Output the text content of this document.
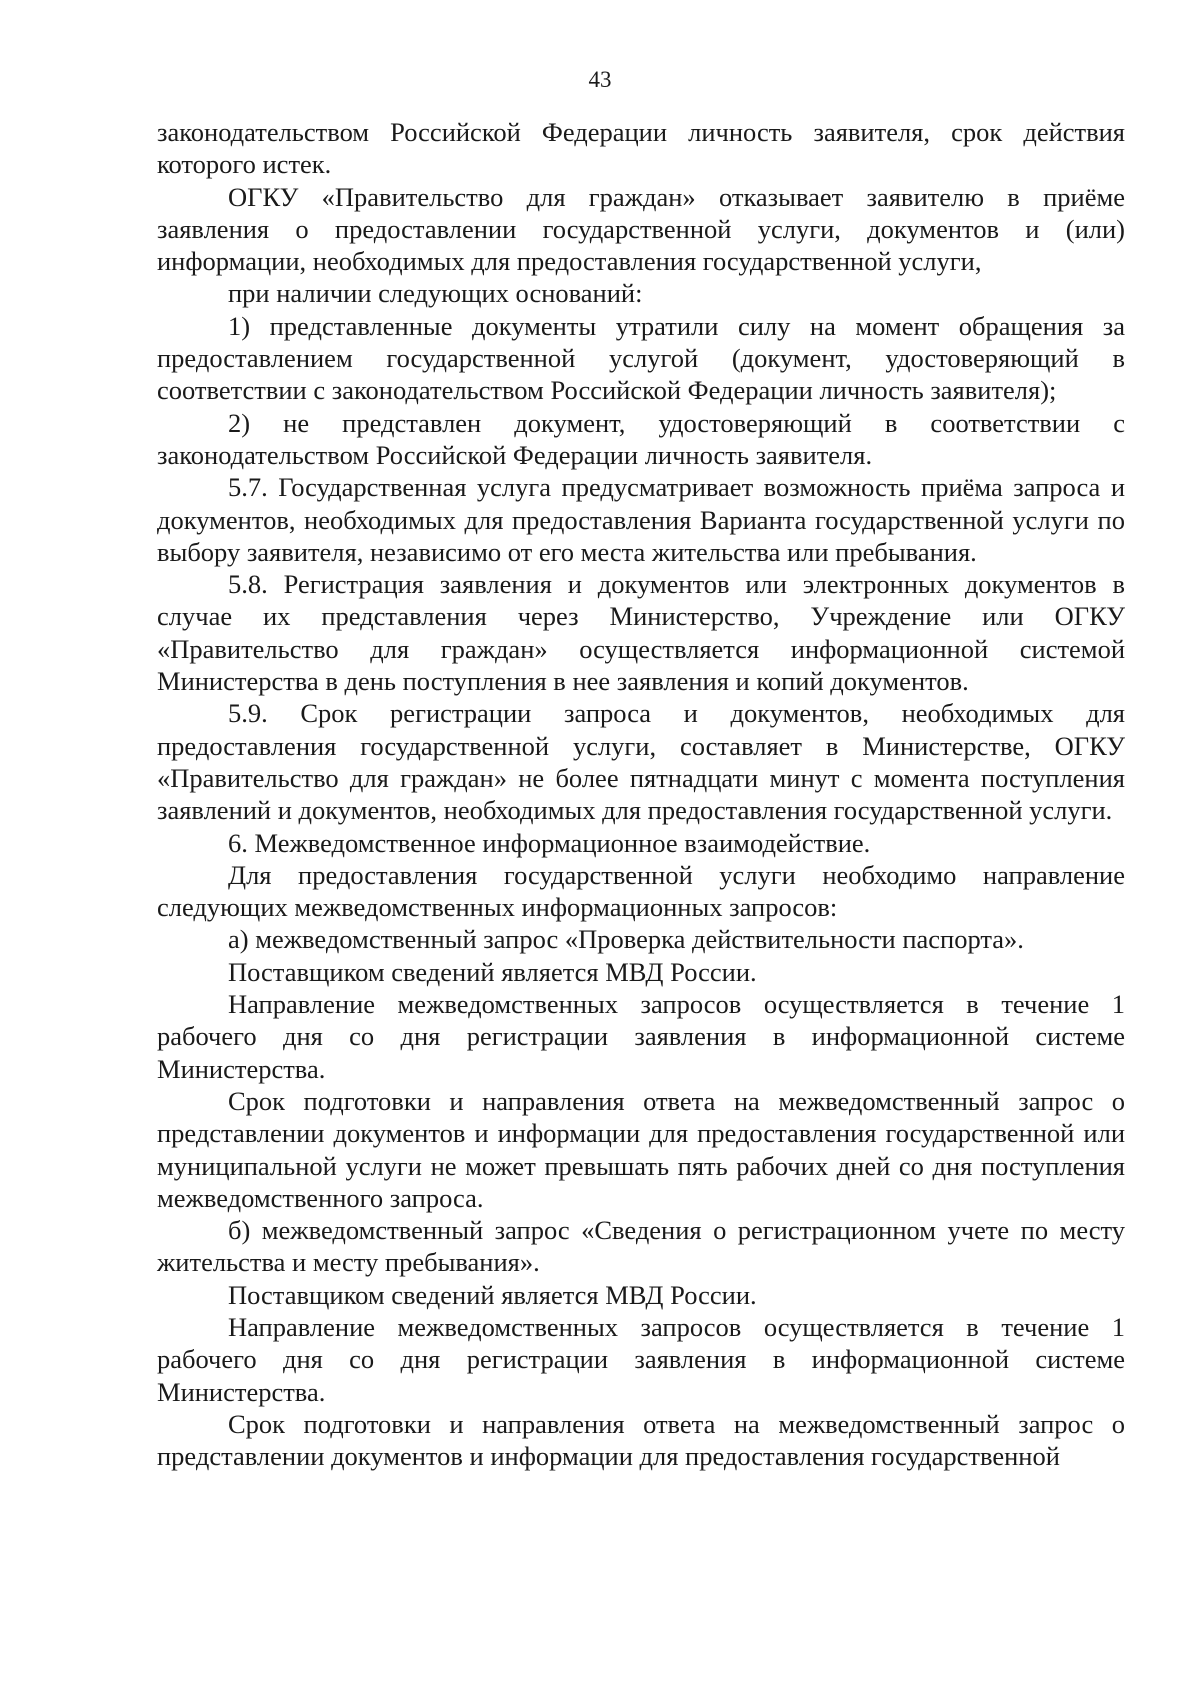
43

законодательством Российской Федерации личность заявителя, срок действия которого истек.

ОГКУ «Правительство для граждан» отказывает заявителю в приёме заявления о предоставлении государственной услуги, документов и (или) информации, необходимых для предоставления государственной услуги,

при наличии следующих оснований:

1) представленные документы утратили силу на момент обращения за предоставлением государственной услугой (документ, удостоверяющий в соответствии с законодательством Российской Федерации личность заявителя);

2) не представлен документ, удостоверяющий в соответствии с законодательством Российской Федерации личность заявителя.

5.7. Государственная услуга предусматривает возможность приёма запроса и документов, необходимых для предоставления Варианта государственной услуги по выбору заявителя, независимо от его места жительства или пребывания.

5.8. Регистрация заявления и документов или электронных документов в случае их представления через Министерство, Учреждение или ОГКУ «Правительство для граждан» осуществляется информационной системой Министерства в день поступления в нее заявления и копий документов.

5.9. Срок регистрации запроса и документов, необходимых для предоставления государственной услуги, составляет в Министерстве, ОГКУ «Правительство для граждан» не более пятнадцати минут с момента поступления заявлений и документов, необходимых для предоставления государственной услуги.

6. Межведомственное информационное взаимодействие.

Для предоставления государственной услуги необходимо направление следующих межведомственных информационных запросов:

а) межведомственный запрос «Проверка действительности паспорта».

Поставщиком сведений является МВД России.

Направление межведомственных запросов осуществляется в течение 1 рабочего дня со дня регистрации заявления в информационной системе Министерства.

Срок подготовки и направления ответа на межведомственный запрос о представлении документов и информации для предоставления государственной или муниципальной услуги не может превышать пять рабочих дней со дня поступления межведомственного запроса.

б) межведомственный запрос «Сведения о регистрационном учете по месту жительства и месту пребывания».

Поставщиком сведений является МВД России.

Направление межведомственных запросов осуществляется в течение 1 рабочего дня со дня регистрации заявления в информационной системе Министерства.

Срок подготовки и направления ответа на межведомственный запрос о представлении документов и информации для предоставления государственной
